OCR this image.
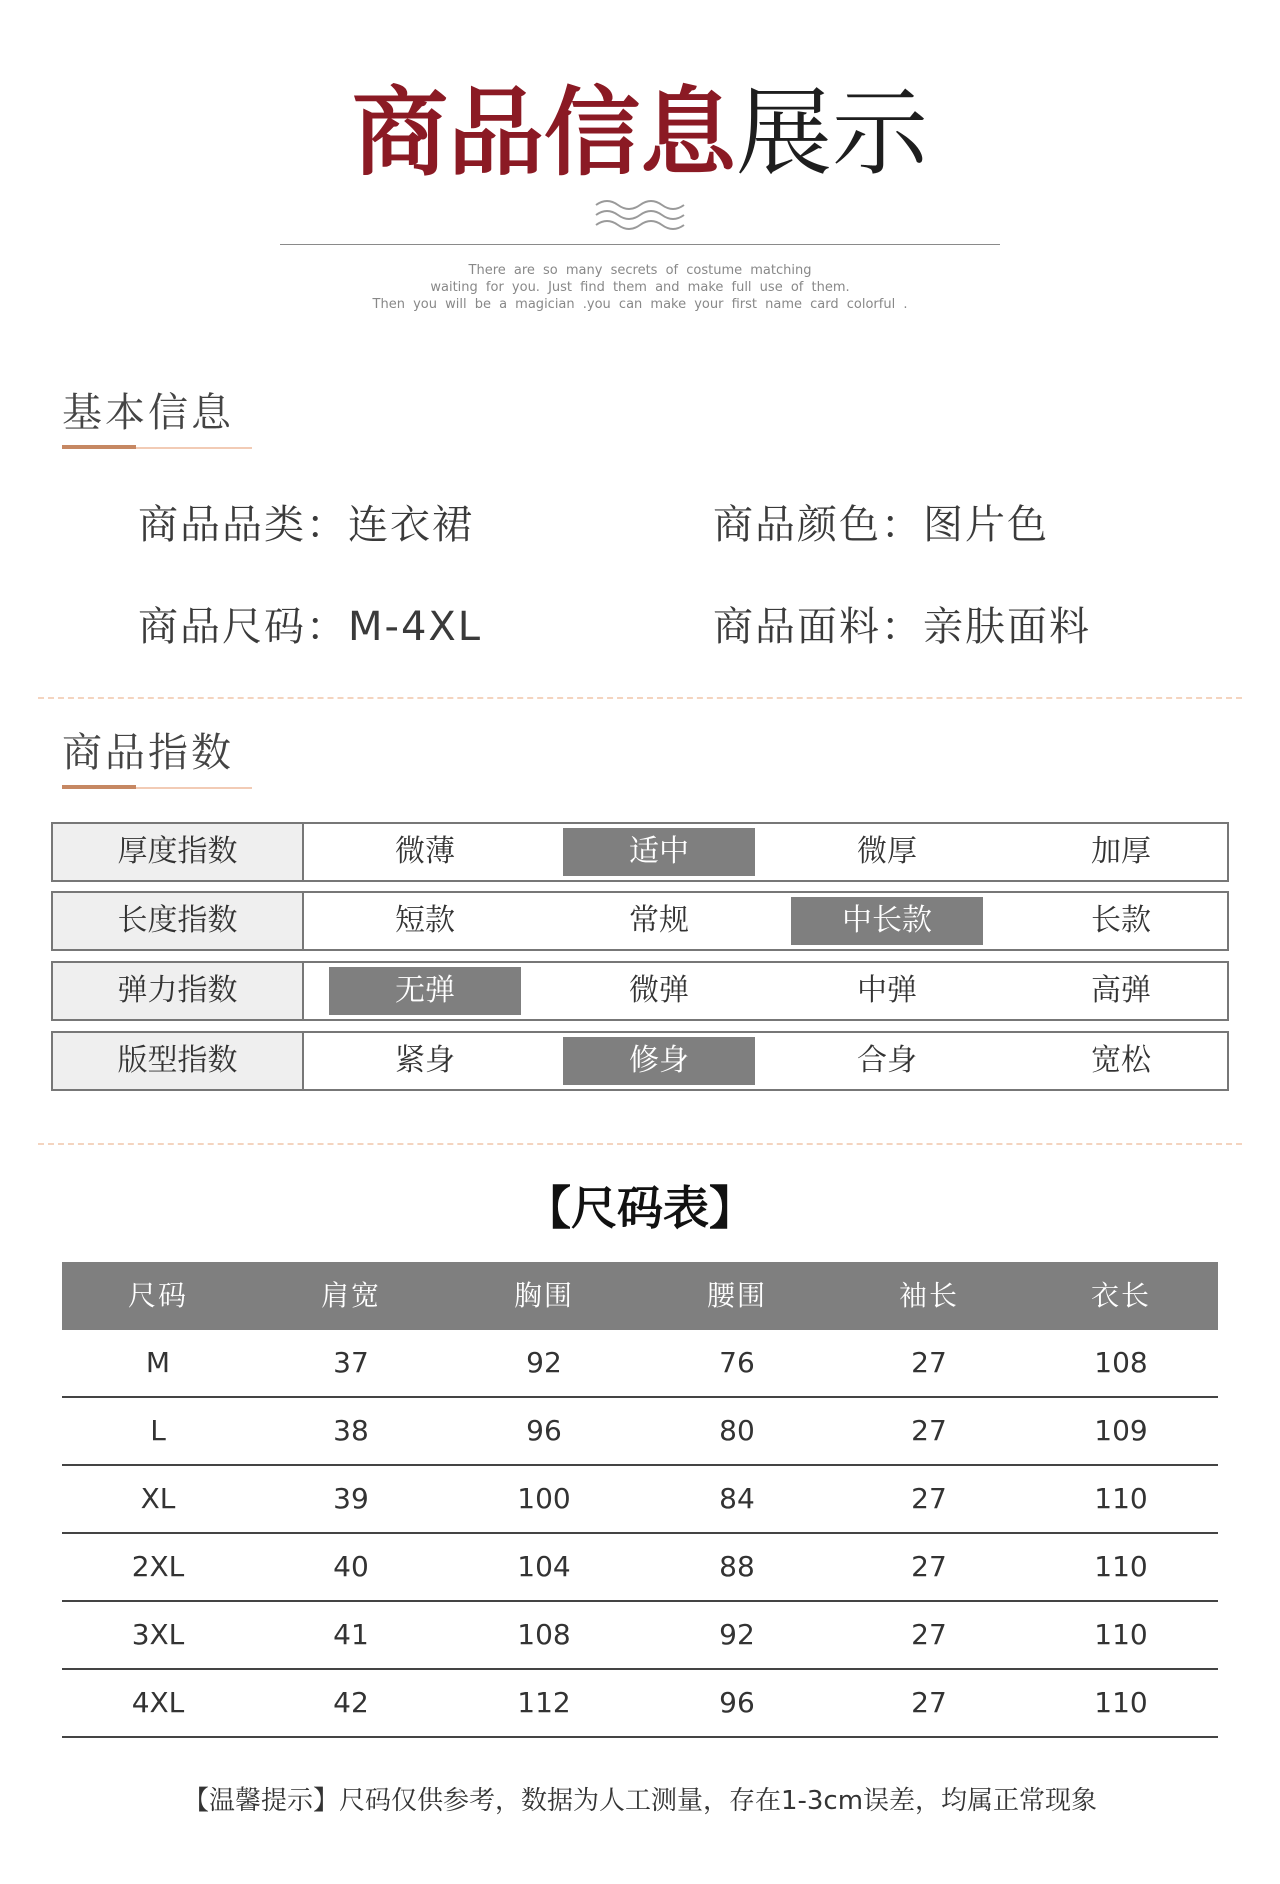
商品信息展示
There are so many secrets of costume matching
waiting for you. Just find them and make full use of them.
Then you will be a magician .you can make your first name card colorful .
基本信息
商品品类：连衣裙	商品颜色：图片色
商品尺码：M-4XL	商品面料：亲肤面料
商品指数
厚度指数	微薄	适中	微厚	加厚
长度指数	短款	常规	中长款	长款
弹力指数	无弹	微弹	中弹	高弹
版型指数	紧身	修身	合身	宽松
【尺码表】
尺码	肩宽	胸围	腰围	袖长	衣长
M	37	92	76	27	108
L	38	96	80	27	109
XL	39	100	84	27	110
2XL	40	104	88	27	110
3XL	41	108	92	27	110
4XL	42	112	96	27	110
【温馨提示】尺码仅供参考，数据为人工测量，存在1-3cm误差，均属正常现象
